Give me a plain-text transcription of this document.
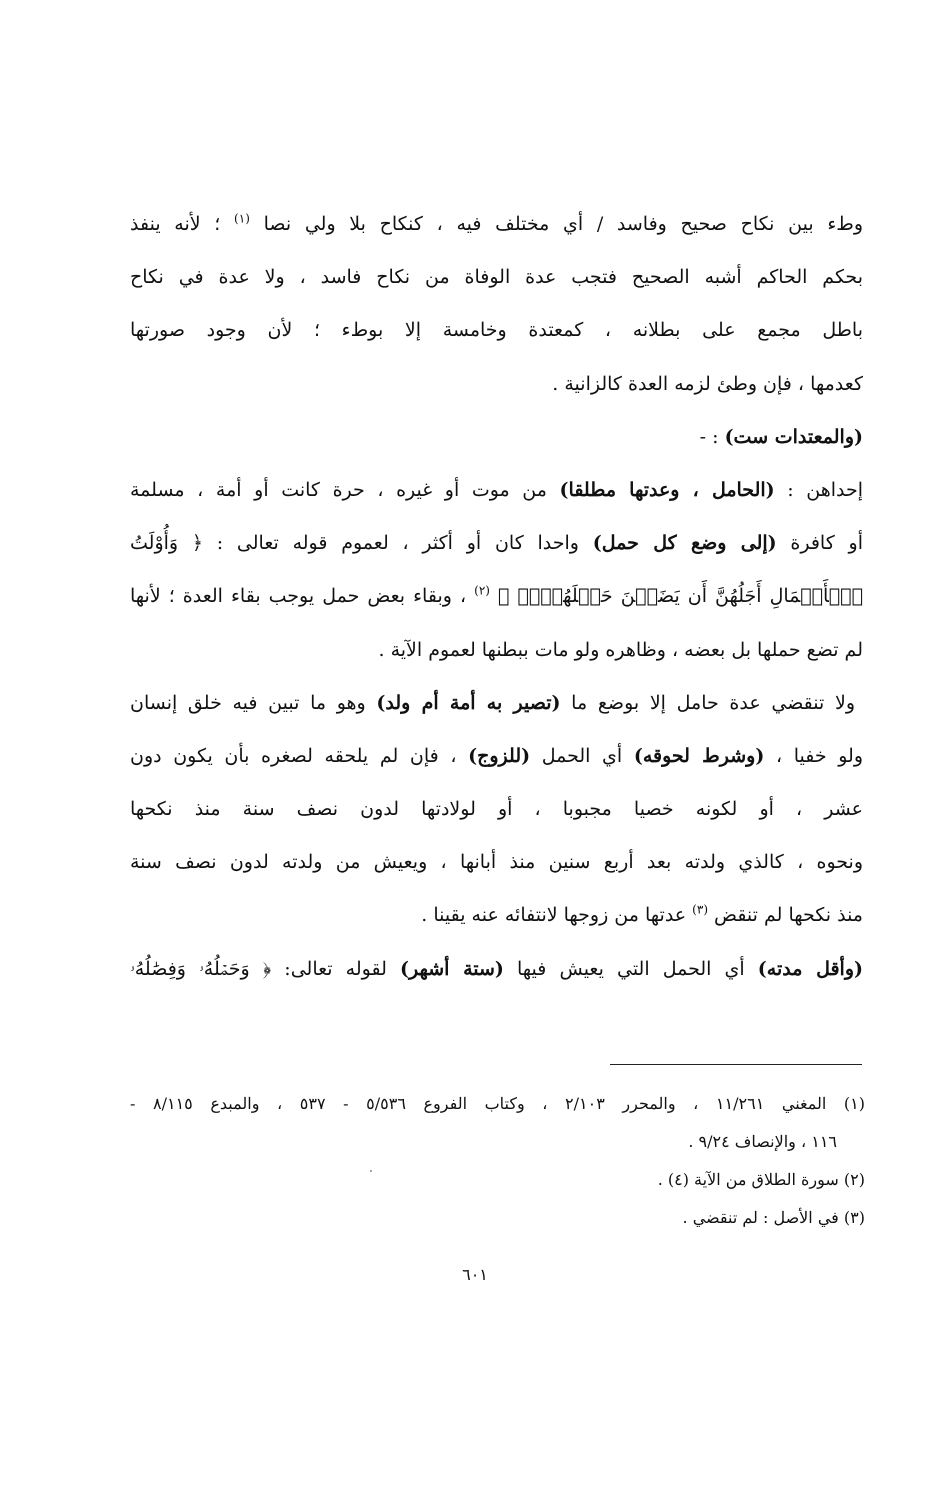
وطء بين نكاح صحيح وفاسد / أي مختلف فيه ، كنكاح بلا ولي نصا $^{(١)}$ ؛ لأنه ينفذ
بحكم الحاكم أشبه الصحيح فتجب عدة الوفاة من نكاح فاسد ، ولا عدة في نكاح
باطل مجمع على بطلانه ، كمعتدة وخامسة إلا بوطء ؛ لأن وجود صورتها
كعدمها ، فإن وطئ لزمه العدة كالزانية .
(والمعتدات ست) : -
إحداهن : (الحامل ، وعدتها مطلقا) من موت أو غيره ، حرة كانت أو أمة ، مسلمة
أو كافرة (إلى وضع كل حمل) واحدا كان أو أكثر ، لعموم قوله تعالى : ﴿ وَأُوْلَتُ
ٱلۡأَحۡمَالِ أَجَلُهُنَّ أَن يَضَعۡنَ حَمۡلَهُنَّۚ ﴾ $^{(٢)}$ ، وبقاء بعض حمل يوجب بقاء العدة ؛ لأنها
لم تضع حملها بل بعضه ، وظاهره ولو مات ببطنها لعموم الآية .
ولا تنقضي عدة حامل إلا بوضع ما (تصير به أمة أم ولد) وهو ما تبين فيه خلق إنسان
ولو خفيا ، (وشرط لحوقه) أي الحمل (للزوج) ، فإن لم يلحقه لصغره بأن يكون دون
عشر ، أو لكونه خصيا مجبوبا ، أو لولادتها لدون نصف سنة منذ نكحها
ونحوه ، كالذي ولدته بعد أربع سنين منذ أبانها ، ويعيش من ولدته لدون نصف سنة
منذ نكحها لم تنقض $^{(٣)}$ عدتها من زوجها لانتفائه عنه يقينا .
(وأقل مدته) أي الحمل التي يعيش فيها (ستة أشهر) لقوله تعالى: ﴿ وَحَمۡلُهُۥ وَفِصَٰلُهُۥ
(١) المغني ١١/٢٦١ ، والمحرر ٢/١٠٣ ، وكتاب الفروع ٥/٥٣٦ - ٥٣٧ ، والمبدع ٨/١١٥ -
١١٦ ، والإنصاف ٩/٢٤ .
(٢) سورة الطلاق من الآية (٤) .
(٣) في الأصل : لم تنقضي .
٦٠١
